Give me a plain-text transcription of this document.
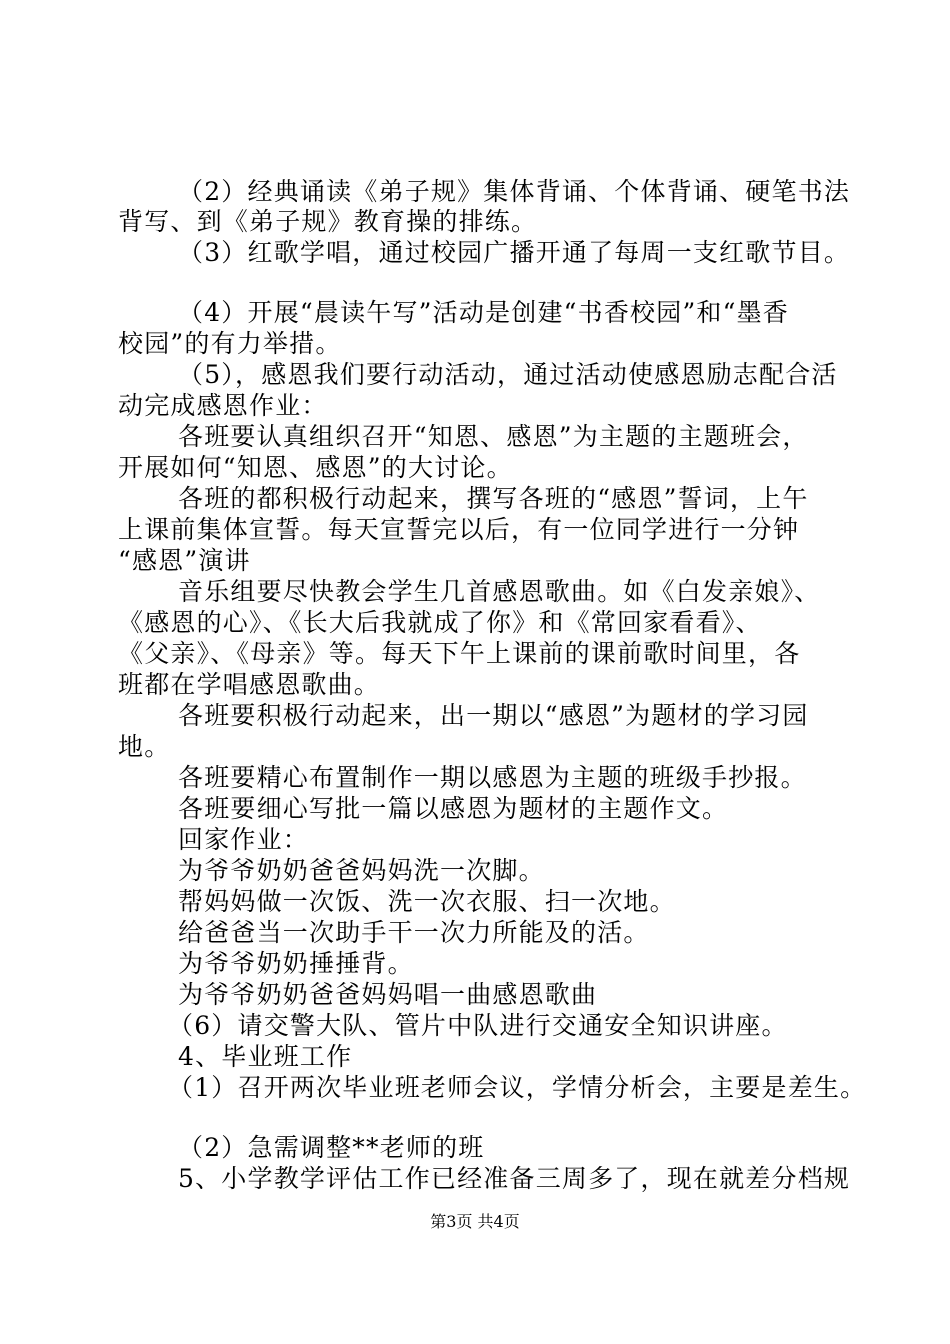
（2）经典诵读《弟子规》集体背诵、个体背诵、硬笔书法
背写、到《弟子规》教育操的排练。
（3）红歌学唱，通过校园广播开通了每周一支红歌节目。
（4）开展“晨读午写”活动是创建“书香校园”和“墨香
校园”的有力举措。
（5），感恩我们要行动活动，通过活动使感恩励志配合活
动完成感恩作业：
各班要认真组织召开“知恩、感恩”为主题的主题班会，
开展如何“知恩、感恩”的大讨论。
各班的都积极行动起来，撰写各班的“感恩”誓词，上午
上课前集体宣誓。每天宣誓完以后，有一位同学进行一分钟
“感恩”演讲
音乐组要尽快教会学生几首感恩歌曲。如《白发亲娘》、
《感恩的心》、《长大后我就成了你》和《常回家看看》、
《父亲》、《母亲》等。每天下午上课前的课前歌时间里，各
班都在学唱感恩歌曲。
各班要积极行动起来，出一期以“感恩”为题材的学习园
地。
各班要精心布置制作一期以感恩为主题的班级手抄报。
各班要细心写批一篇以感恩为题材的主题作文。
回家作业：
为爷爷奶奶爸爸妈妈洗一次脚。
帮妈妈做一次饭、洗一次衣服、扫一次地。
给爸爸当一次助手干一次力所能及的活。
为爷爷奶奶捶捶背。
为爷爷奶奶爸爸妈妈唱一曲感恩歌曲
（6）请交警大队、管片中队进行交通安全知识讲座。
4、毕业班工作
（1）召开两次毕业班老师会议，学情分析会，主要是差生。
（2）急需调整**老师的班
5、小学教学评估工作已经准备三周多了，现在就差分档规
第3页 共4页
